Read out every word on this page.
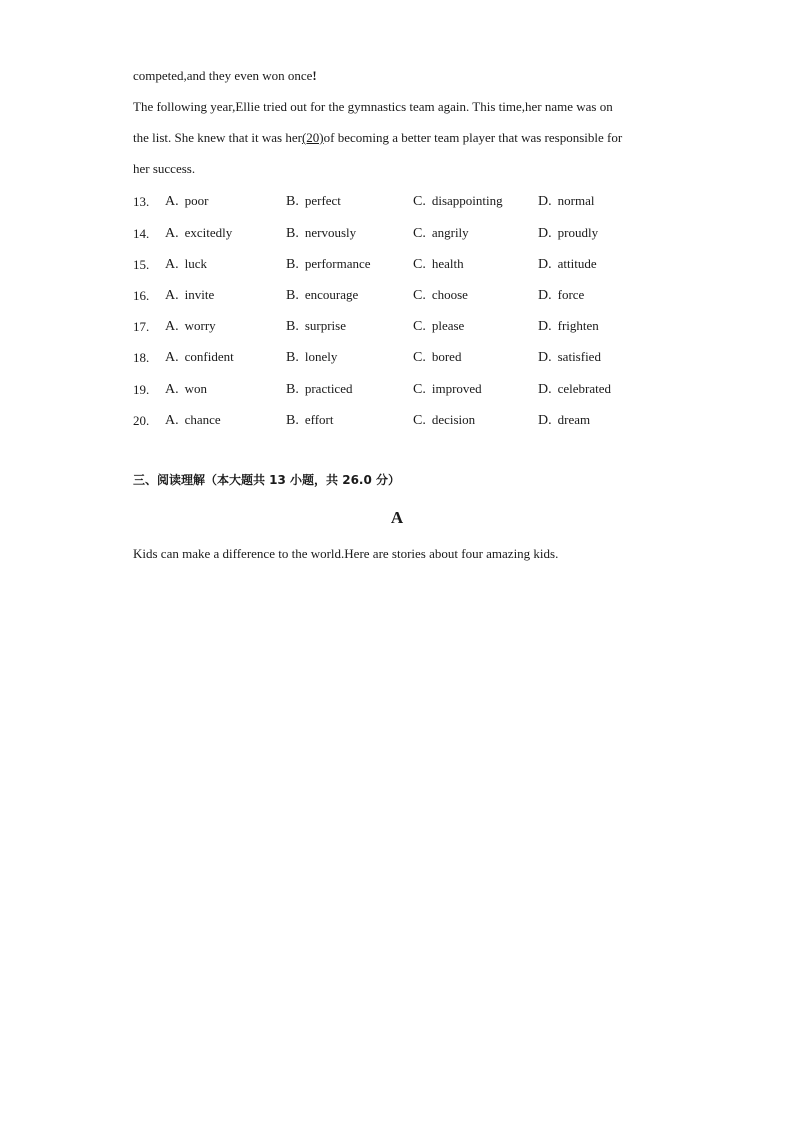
competed,and they even won once!
The following year,Ellie tried out for the gymnastics team again. This time,her name was on
the list. She knew that it was her(20)of becoming a better team player that was responsible for
her success.
13. A. poor	B. perfect	C. disappointing	D. normal
14. A. excitedly	B. nervously	C. angrily	D. proudly
15. A. luck	B. performance	C. health	D. attitude
16. A. invite	B. encourage	C. choose	D. force
17. A. worry	B. surprise	C. please	D. frighten
18. A. confident	B. lonely	C. bored	D. satisfied
19. A. won	B. practiced	C. improved	D. celebrated
20. A. chance	B. effort	C. decision	D. dream
三、阅读理解（本大题共 13 小题，共 26.0 分）
A
Kids can make a difference to the world.Here are stories about four amazing kids.
